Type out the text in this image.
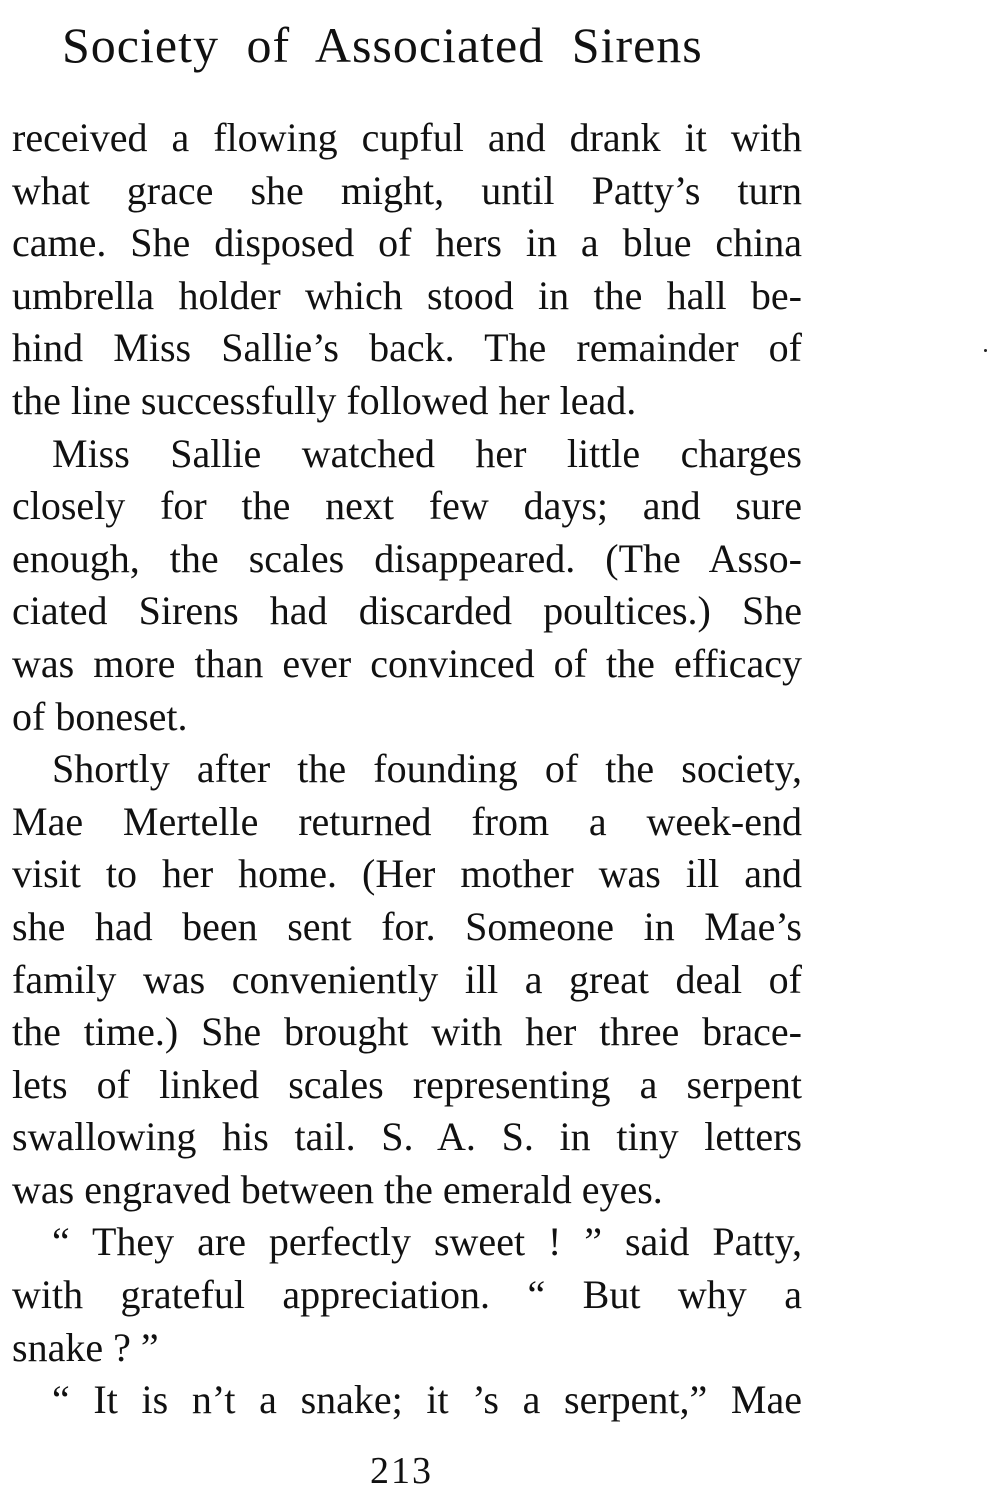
Society of Associated Sirens
received a flowing cupful and drank it with
what grace she might, until Patty’s turn
came. She disposed of hers in a blue china
umbrella holder which stood in the hall be-
hind Miss Sallie’s back. The remainder of
the line successfully followed her lead.
Miss Sallie watched her little charges
closely for the next few days; and sure
enough, the scales disappeared. (The Asso-
ciated Sirens had discarded poultices.) She
was more than ever convinced of the efficacy
of boneset.
Shortly after the founding of the society,
Mae Mertelle returned from a week-end
visit to her home. (Her mother was ill and
she had been sent for. Someone in Mae’s
family was conveniently ill a great deal of
the time.) She brought with her three brace-
lets of linked scales representing a serpent
swallowing his tail. S. A. S. in tiny letters
was engraved between the emerald eyes.
“ They are perfectly sweet ! ” said Patty,
with grateful appreciation. “ But why a
snake ? ”
“ It is n’t a snake; it ’s a serpent,” Mae
213
